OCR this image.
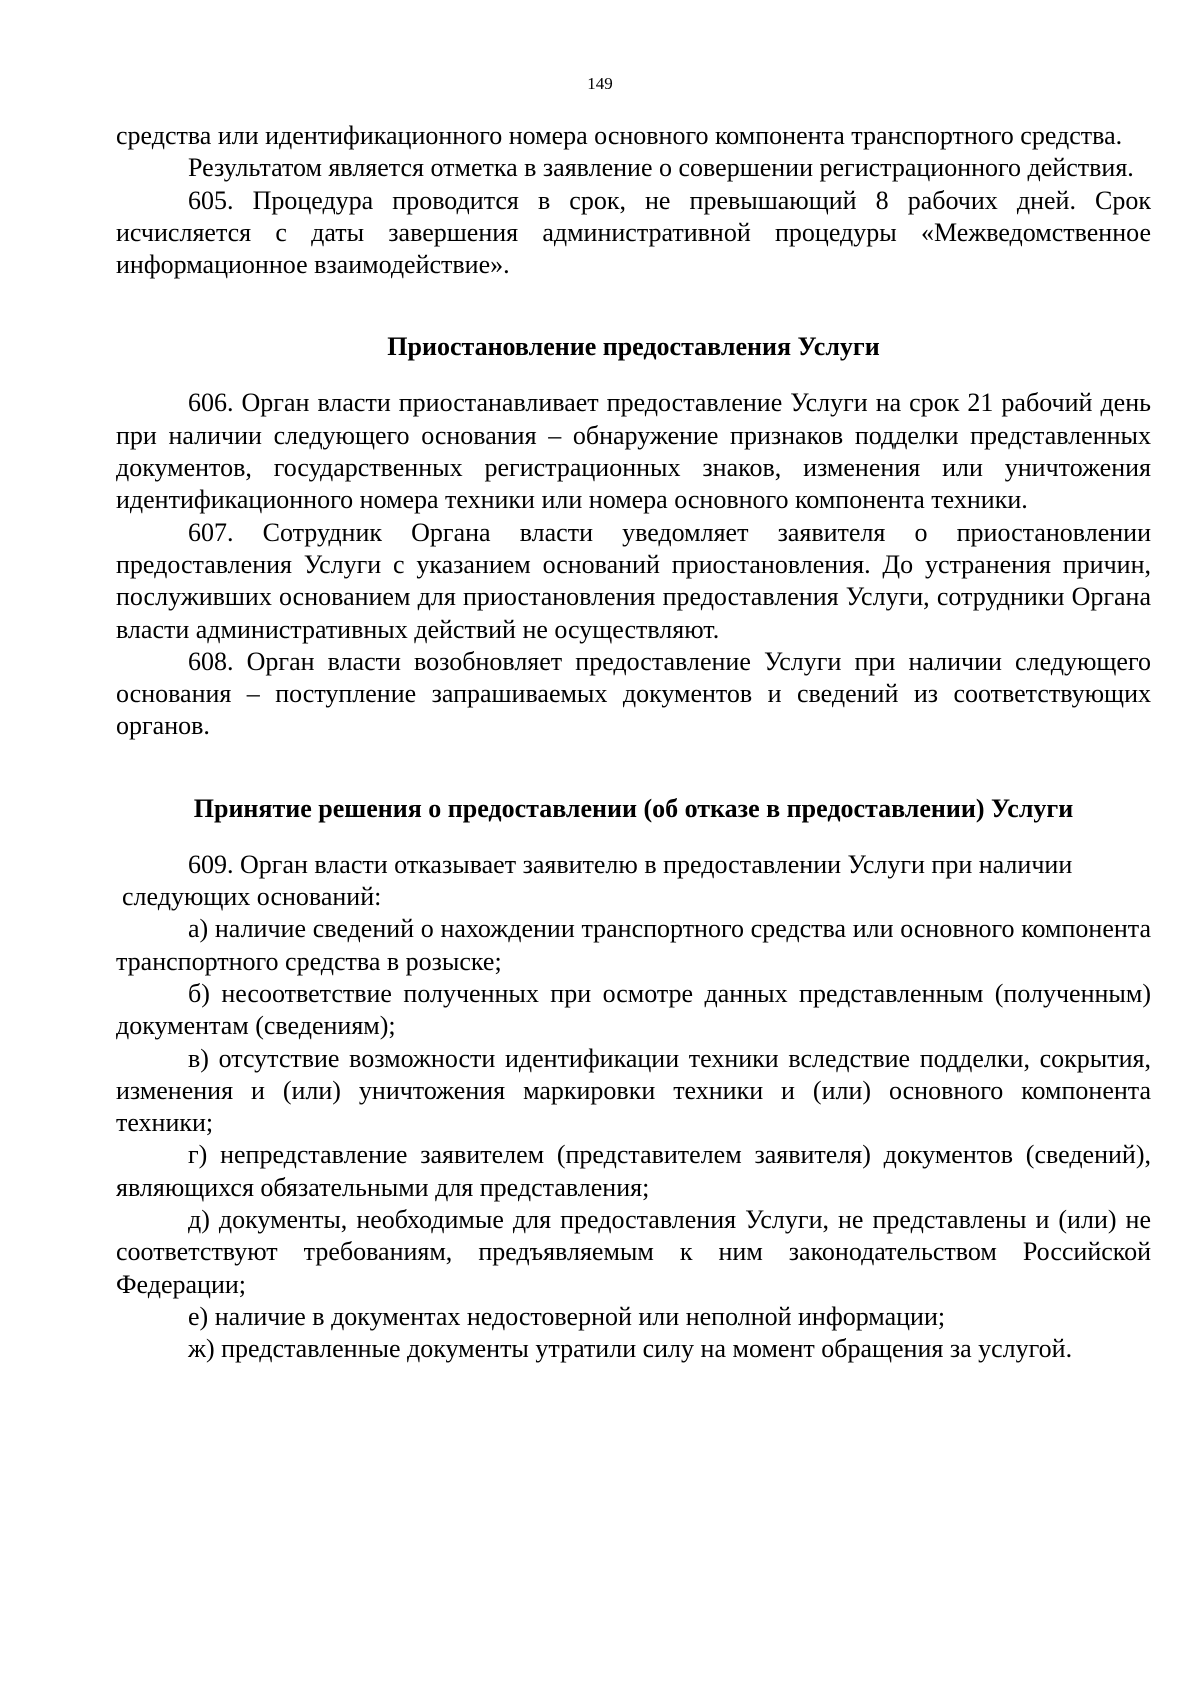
149

средства или идентификационного номера основного компонента транспортного средства.

Результатом является отметка в заявление о совершении регистрационного действия.

605. Процедура проводится в срок, не превышающий 8 рабочих дней. Срок исчисляется с даты завершения административной процедуры «Межведомственное информационное взаимодействие».

Приостановление предоставления Услуги

606. Орган власти приостанавливает предоставление Услуги на срок 21 рабочий день при наличии следующего основания – обнаружение признаков подделки представленных документов, государственных регистрационных знаков, изменения или уничтожения идентификационного номера техники или номера основного компонента техники.

607. Сотрудник Органа власти уведомляет заявителя о приостановлении предоставления Услуги с указанием оснований приостановления. До устранения причин, послуживших основанием для приостановления предоставления Услуги, сотрудники Органа власти административных действий не осуществляют.

608. Орган власти возобновляет предоставление Услуги при наличии следующего основания – поступление запрашиваемых документов и сведений из соответствующих органов.

Принятие решения о предоставлении (об отказе в предоставлении) Услуги

609. Орган власти отказывает заявителю в предоставлении Услуги при наличии

следующих оснований:

а) наличие сведений о нахождении транспортного средства или основного компонента транспортного средства в розыске;

б) несоответствие полученных при осмотре данных представленным (полученным) документам (сведениям);

в) отсутствие возможности идентификации техники вследствие подделки, сокрытия, изменения и (или) уничтожения маркировки техники и (или) основного компонента техники;

г) непредставление заявителем (представителем заявителя) документов (сведений), являющихся обязательными для представления;

д) документы, необходимые для предоставления Услуги, не представлены и (или) не соответствуют требованиям, предъявляемым к ним законодательством Российской Федерации;

е) наличие в документах недостоверной или неполной информации;

ж) представленные документы утратили силу на момент обращения за услугой.
